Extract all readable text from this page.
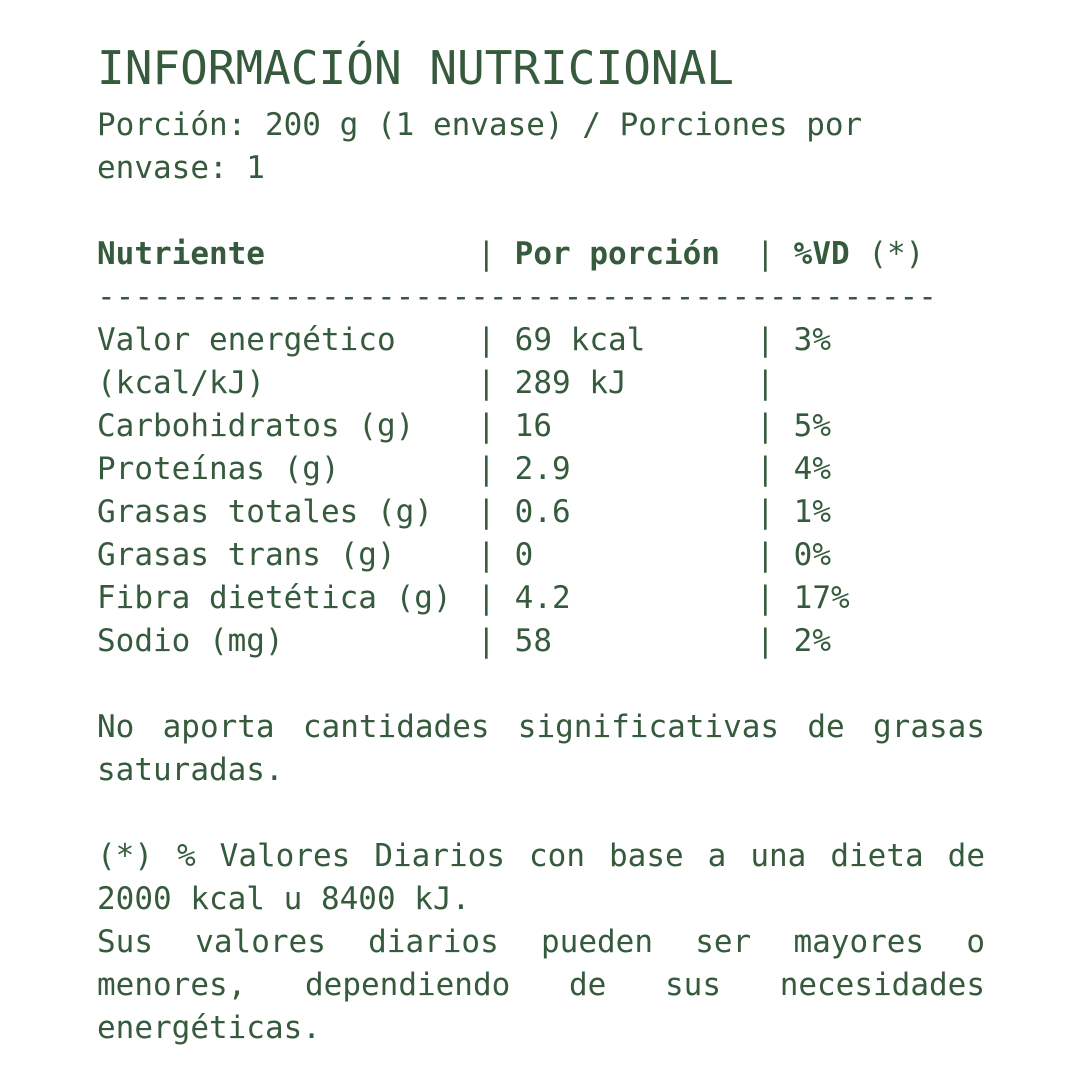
INFORMACIÓN NUTRICIONAL

Porción: 200 g (1 envase) / Porciones por envase: 1

Nutriente	| Por porción	| %VD (*)
---------------------------------------------
Valor energético	| 69 kcal	| 3%
(kcal/kJ)	| 289 kJ	|
Carbohidratos (g)	| 16	| 5%
Proteínas (g)	| 2.9	| 4%
Grasas totales (g)	| 0.6	| 1%
Grasas trans (g)	| 0	| 0%
Fibra dietética (g) | 4.2	| 17%
Sodio (mg)	| 58	| 2%

No aporta cantidades significativas de grasas saturadas.

(*) % Valores Diarios con base a una dieta de 2000 kcal u 8400 kJ.

Sus valores diarios pueden ser mayores o menores, dependiendo de sus necesidades energéticas.
